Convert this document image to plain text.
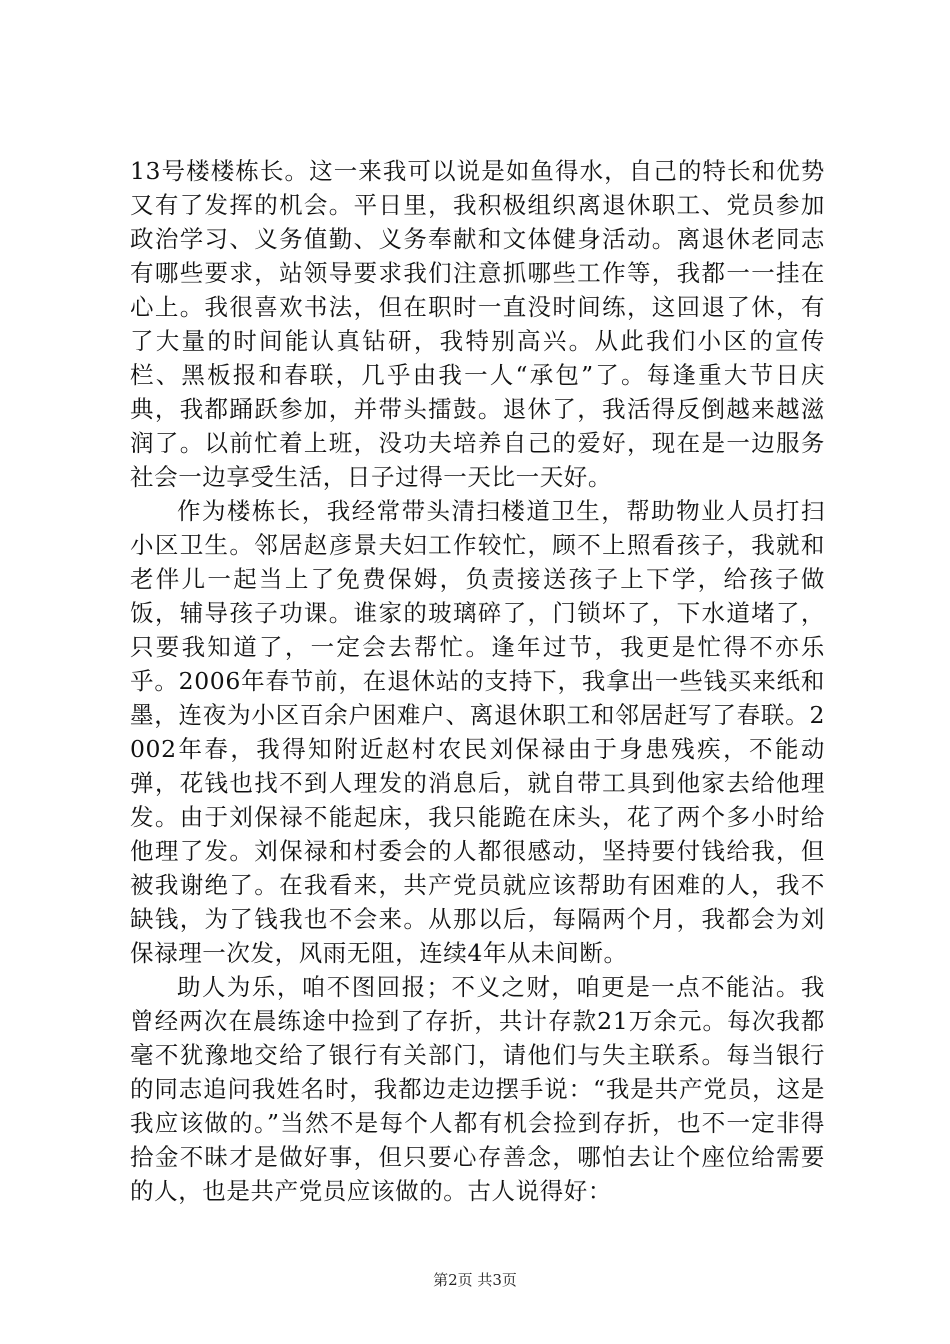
13号楼楼栋长。这一来我可以说是如鱼得水，自己的特长和优势又有了发挥的机会。平日里，我积极组织离退休职工、党员参加政治学习、义务值勤、义务奉献和文体健身活动。离退休老同志有哪些要求，站领导要求我们注意抓哪些工作等，我都一一挂在心上。我很喜欢书法，但在职时一直没时间练，这回退了休，有了大量的时间能认真钻研，我特别高兴。从此我们小区的宣传栏、黑板报和春联，几乎由我一人“承包”了。每逢重大节日庆典，我都踊跃参加，并带头擂鼓。退休了，我活得反倒越来越滋润了。以前忙着上班，没功夫培养自己的爱好，现在是一边服务社会一边享受生活，日子过得一天比一天好。

作为楼栋长，我经常带头清扫楼道卫生，帮助物业人员打扫小区卫生。邻居赵彦景夫妇工作较忙，顾不上照看孩子，我就和老伴儿一起当上了免费保姆，负责接送孩子上下学，给孩子做饭，辅导孩子功课。谁家的玻璃碎了，门锁坏了，下水道堵了，只要我知道了，一定会去帮忙。逢年过节，我更是忙得不亦乐乎。2006年春节前，在退休站的支持下，我拿出一些钱买来纸和墨，连夜为小区百余户困难户、离退休职工和邻居赶写了春联。2002年春，我得知附近赵村农民刘保禄由于身患残疾，不能动弹，花钱也找不到人理发的消息后，就自带工具到他家去给他理发。由于刘保禄不能起床，我只能跪在床头，花了两个多小时给他理了发。刘保禄和村委会的人都很感动，坚持要付钱给我，但被我谢绝了。在我看来，共产党员就应该帮助有困难的人，我不缺钱，为了钱我也不会来。从那以后，每隔两个月，我都会为刘保禄理一次发，风雨无阻，连续4年从未间断。

助人为乐，咱不图回报；不义之财，咱更是一点不能沾。我曾经两次在晨练途中捡到了存折，共计存款21万余元。每次我都毫不犹豫地交给了银行有关部门，请他们与失主联系。每当银行的同志追问我姓名时，我都边走边摆手说：“我是共产党员，这是我应该做的。”当然不是每个人都有机会捡到存折，也不一定非得拾金不昧才是做好事，但只要心存善念，哪怕去让个座位给需要的人，也是共产党员应该做的。古人说得好：

第2页 共3页
